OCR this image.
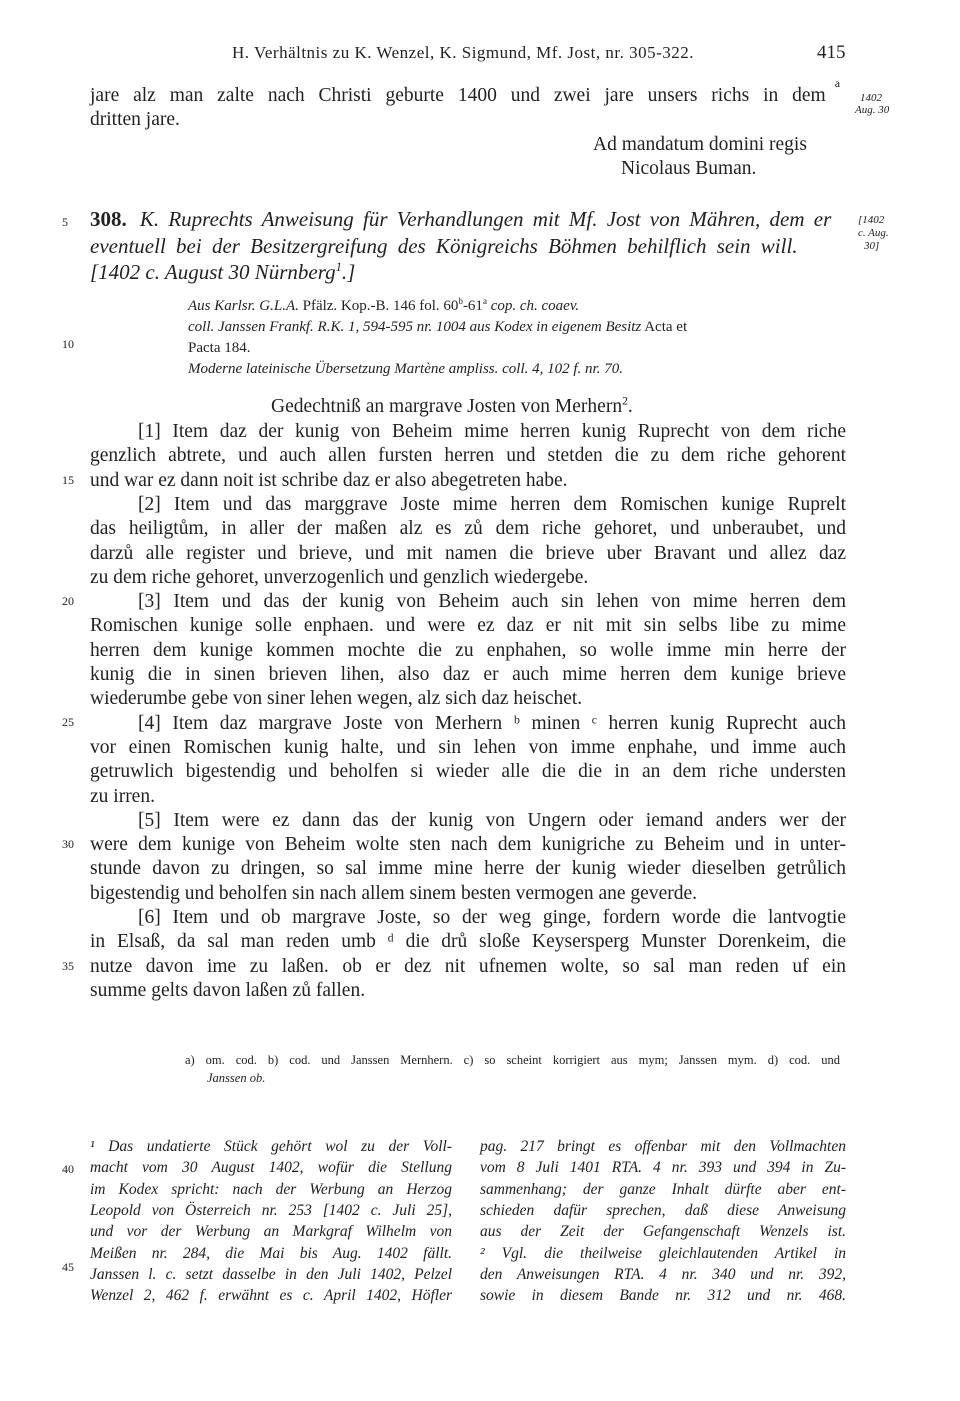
H. Verhältnis zu K. Wenzel, K. Sigmund, Mf. Jost, nr. 305-322.	415
jare alz man zalte nach Christi geburte 1400 und zwei jare unsers richs in dem
a
dritten jare.
1402
Aug. 30
Ad mandatum domini regis
Nicolaus Buman.
5
10
15
20
25
30
35
40
45
308. K. Ruprechts Anweisung für Verhandlungen mit Mf. Jost von Mähren, dem er
eventuell bei der Besitzergreifung des Königreichs Böhmen behilflich sein will.
[1402 c. August 30 Nürnberg$^1$.]
[1402
c. Aug.
30]
Aus Karlsr. G.L.A. Pfälz. Kop.-B. 146 fol. 60$^b$-61$^a$ cop. ch. coaev.
coll. Janssen Frankf. R.K. 1, 594-595 nr. 1004 aus Kodex in eigenem Besitz Acta et
Pacta 184.
Moderne lateinische Übersetzung Martène ampliss. coll. 4, 102 f. nr. 70.
Gedechtniß an margrave Josten von Merhern$^2$.
[1] Item daz der kunig von Beheim mime herren kunig Ruprecht von dem riche
genzlich abtrete, und auch allen fursten herren und stetden die zu dem riche gehorent
und war ez dann noit ist schribe daz er also abegetreten habe.
[2] Item und das marggrave Joste mime herren dem Romischen kunige Ruprelt
das heiligtům, in aller der maßen alz es zů dem riche gehoret, und unberaubet, und
darzů alle register und brieve, und mit namen die brieve uber Bravant und allez daz
zu dem riche gehoret, unverzogenlich und genzlich wiedergebe.
[3] Item und das der kunig von Beheim auch sin lehen von mime herren dem
Romischen kunige solle enphaen. und were ez daz er nit mit sin selbs libe zu mime
herren dem kunige kommen mochte die zu enphahen, so wolle imme min herre der
kunig die in sinen brieven lihen, also daz er auch mime herren dem kunige brieve
wiederumbe gebe von siner lehen wegen, alz sich daz heischet.
[4] Item daz margrave Joste von Merhern ᵇ minen ᶜ herren kunig Ruprecht auch
vor einen Romischen kunig halte, und sin lehen von imme enphahe, und imme auch
getruwlich bigestendig und beholfen si wieder alle die die in an dem riche understen
zu irren.
[5] Item were ez dann das der kunig von Ungern oder iemand anders wer der
were dem kunige von Beheim wolte sten nach dem kunigriche zu Beheim und in unter-
stunde davon zu dringen, so sal imme mine herre der kunig wieder dieselben getrůlich
bigestendig und beholfen sin nach allem sinem besten vermogen ane geverde.
[6] Item und ob margrave Joste, so der weg ginge, fordern worde die lantvogtie
in Elsaß, da sal man reden umb ᵈ die drů sloße Keysersperg Munster Dorenkeim, die
nutze davon ime zu laßen. ob er dez nit ufnemen wolte, so sal man reden uf ein
summe gelts davon laßen zů fallen.
a) om. cod. b) cod. und Janssen Mernhern. c) so scheint korrigiert aus mym; Janssen mym. d) cod. und
Janssen ob.
¹ Das undatierte Stück gehört wol zu der Voll-
macht vom 30 August 1402, wofür die Stellung
im Kodex spricht: nach der Werbung an Herzog
Leopold von Österreich nr. 253 [1402 c. Juli 25],
und vor der Werbung an Markgraf Wilhelm von
Meißen nr. 284, die Mai bis Aug. 1402 fällt.
Janssen l. c. setzt dasselbe in den Juli 1402, Pelzel
Wenzel 2, 462 f. erwähnt es c. April 1402, Höfler
pag. 217 bringt es offenbar mit den Vollmachten
vom 8 Juli 1401 RTA. 4 nr. 393 und 394 in Zu-
sammenhang; der ganze Inhalt dürfte aber ent-
schieden dafür sprechen, daß diese Anweisung
aus der Zeit der Gefangenschaft Wenzels ist.
² Vgl. die theilweise gleichlautenden Artikel in
den Anweisungen RTA. 4 nr. 340 und nr. 392,
sowie in diesem Bande nr. 312 und nr. 468.
